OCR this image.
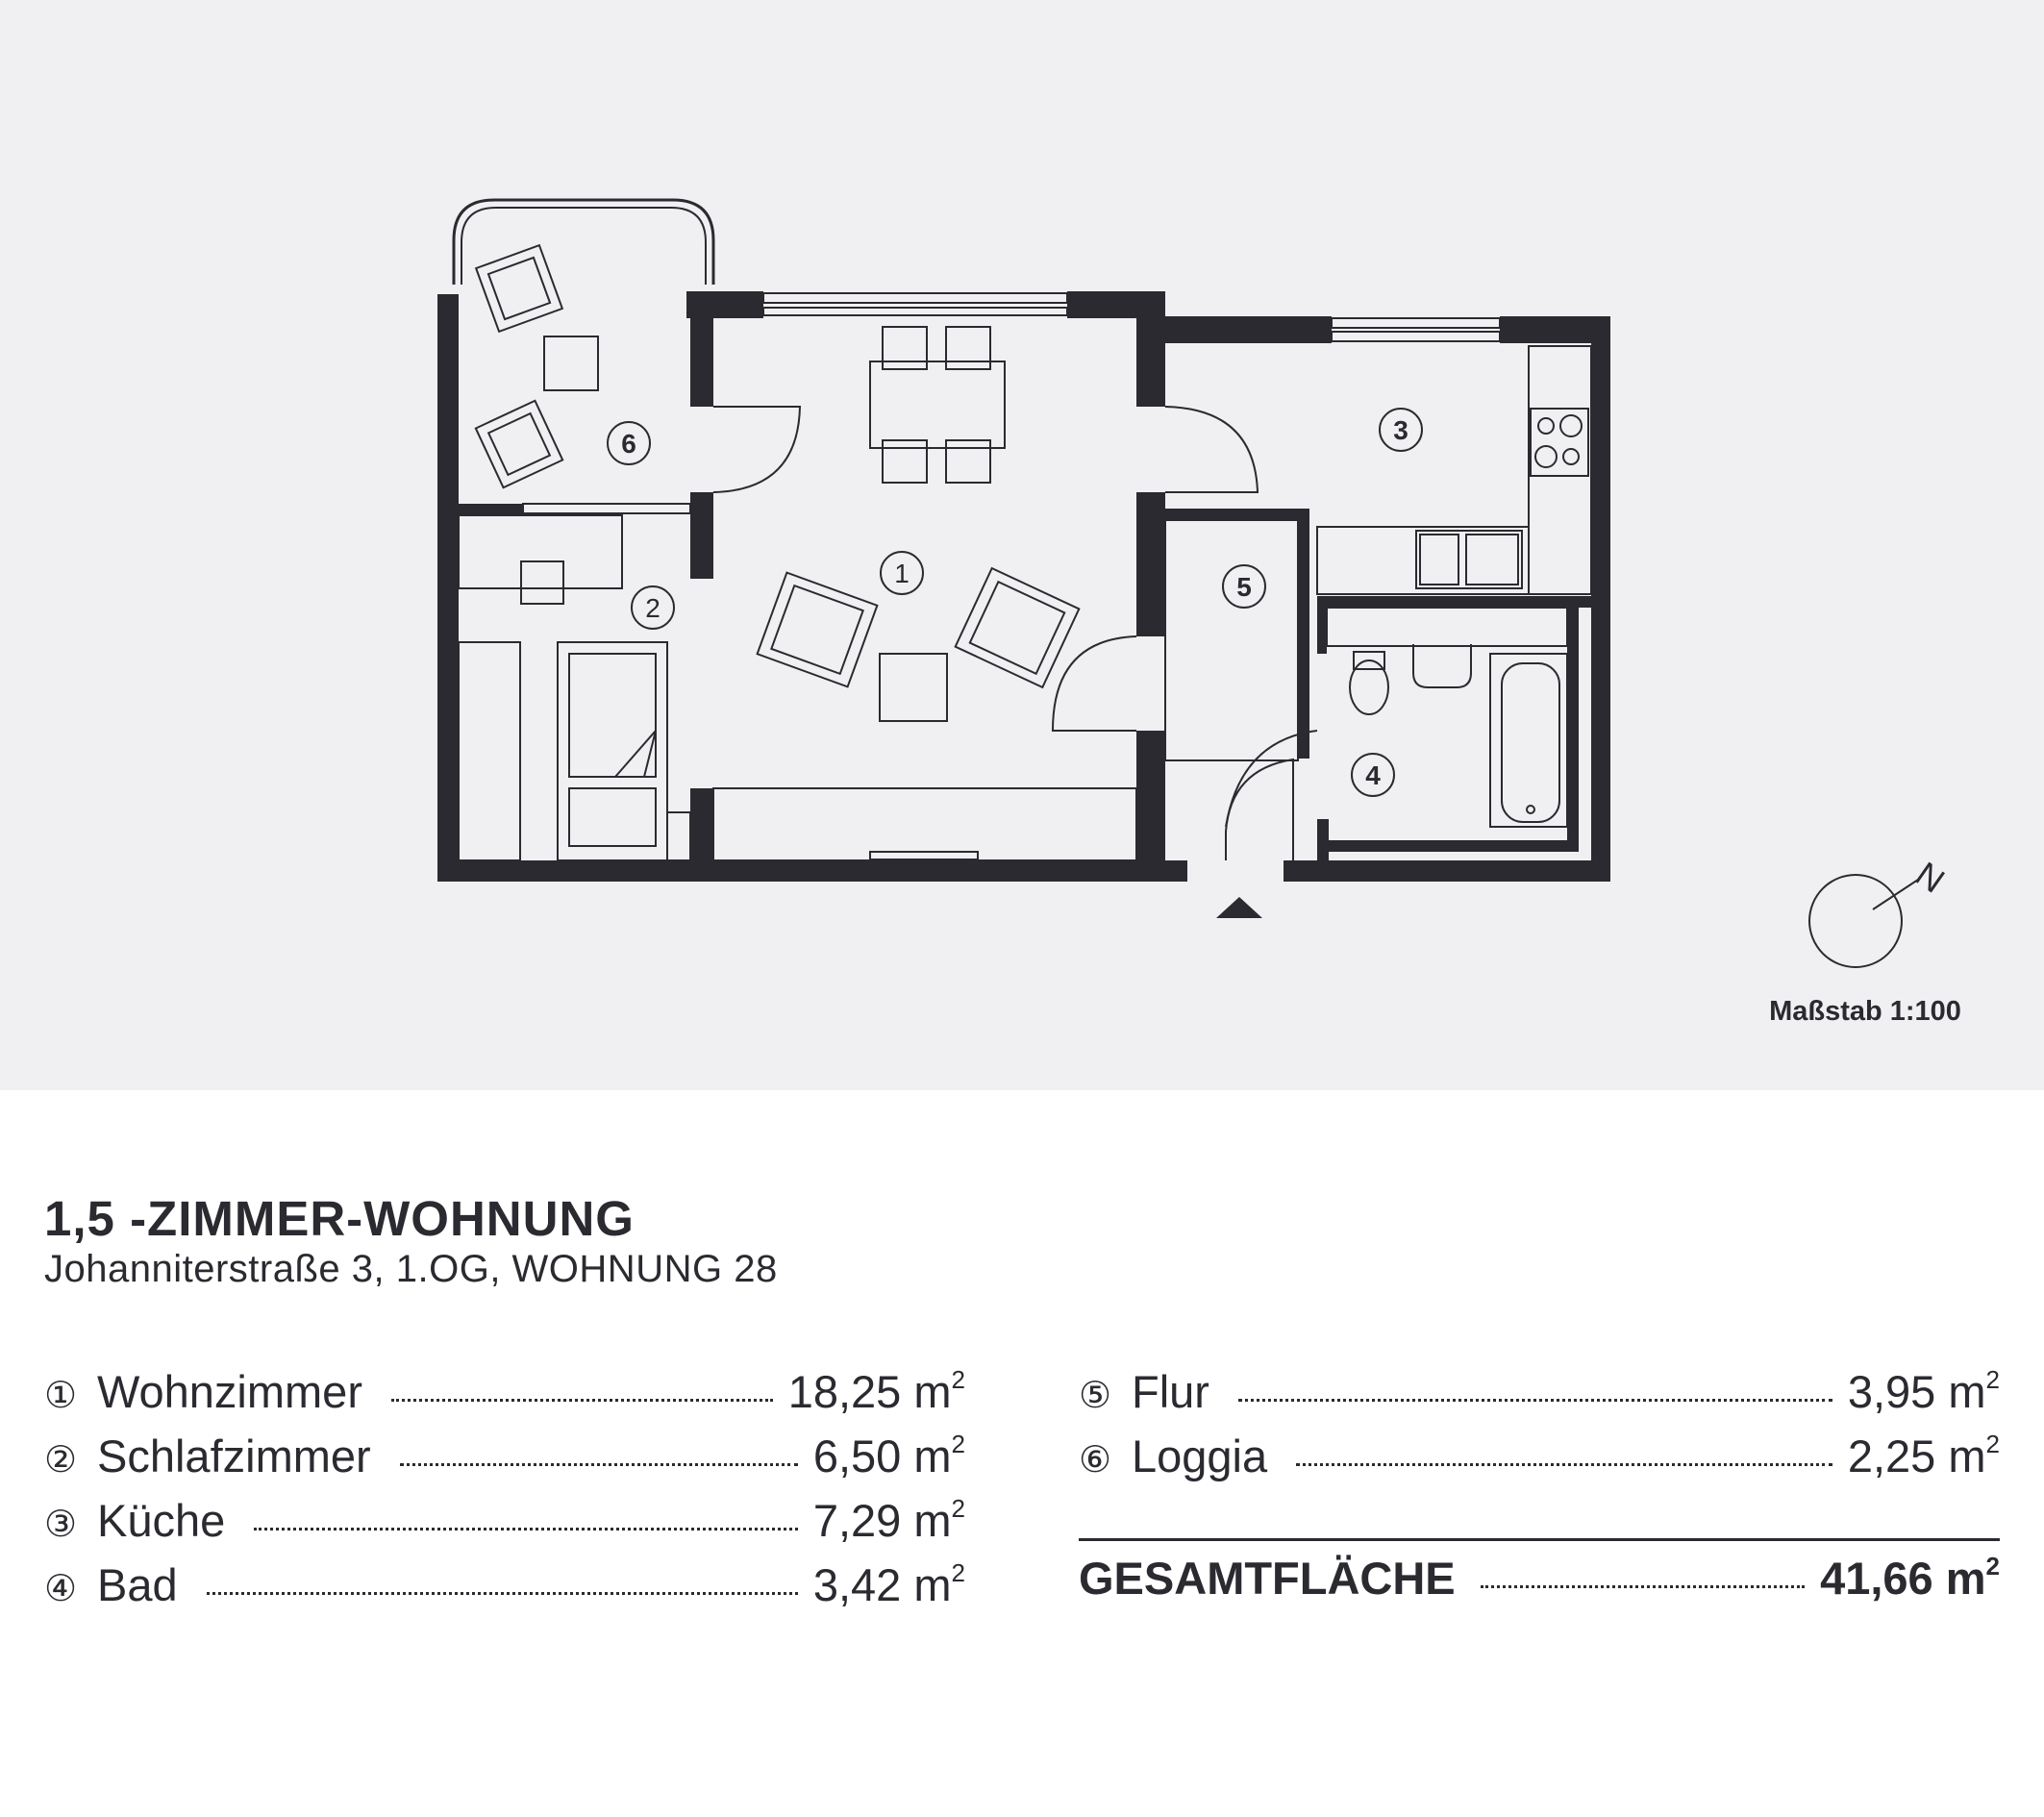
1
2
3
4
5
6
N
Maßstab 1:100
1,5 -ZIMMER-WOHNUNG
Johanniterstraße 3, 1.OG, WOHNUNG 28
① Wohnzimmer	18,25 $m^2$
② Schlafzimmer	6,50 $m^2$
③ Küche	7,29 $m^2$
④ Bad	3,42 $m^2$
⑤ Flur	3,95 $m^2$
⑥ Loggia	2,25 $m^2$
GESAMTFLÄCHE	41,66 $m^2$
